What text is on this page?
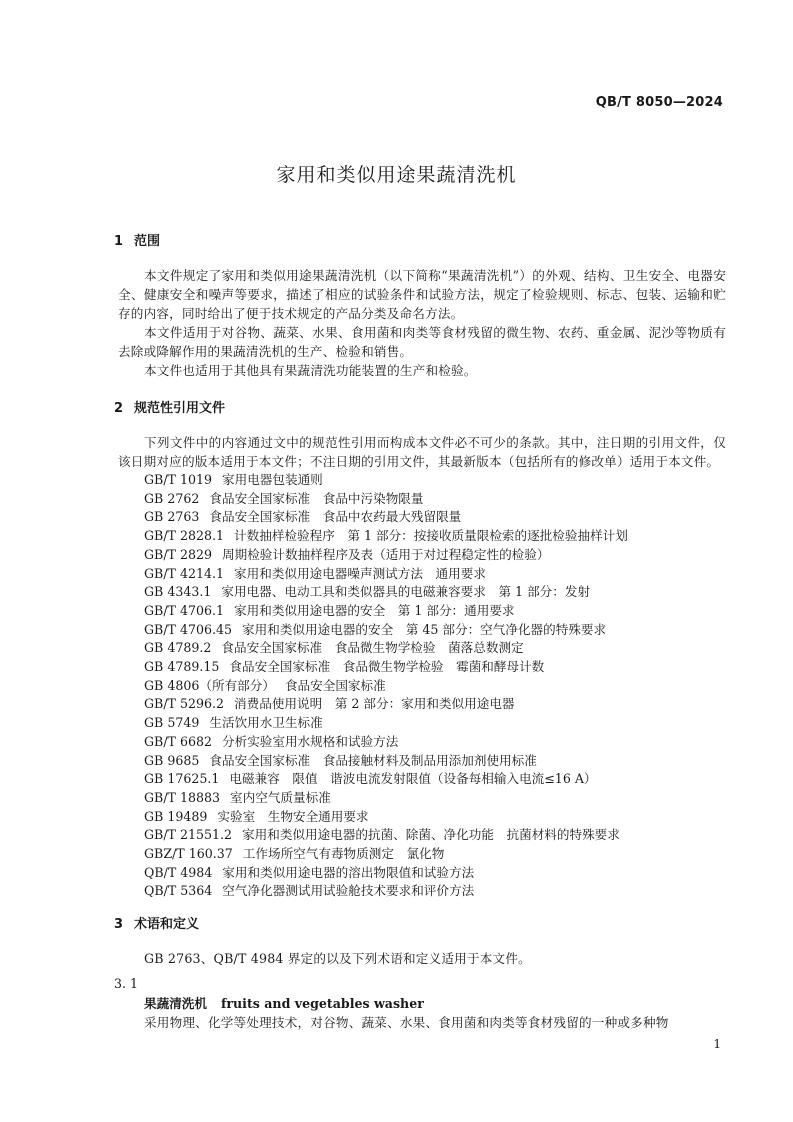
QB/T 8050—2024
家用和类似用途果蔬清洗机
1 范围

本文件规定了家用和类似用途果蔬清洗机（以下简称“果蔬清洗机”）的外观、结构、卫生安全、电器安全、健康安全和噪声等要求，描述了相应的试验条件和试验方法，规定了检验规则、标志、包装、运输和贮存的内容，同时给出了便于技术规定的产品分类及命名方法。

本文件适用于对谷物、蔬菜、水果、食用菌和肉类等食材残留的微生物、农药、重金属、泥沙等物质有去除或降解作用的果蔬清洗机的生产、检验和销售。

本文件也适用于其他具有果蔬清洗功能装置的生产和检验。

2 规范性引用文件

下列文件中的内容通过文中的规范性引用而构成本文件必不可少的条款。其中，注日期的引用文件，仅该日期对应的版本适用于本文件；不注日期的引用文件，其最新版本（包括所有的修改单）适用于本文件。

GB/T 1019 家用电器包装通则
GB 2762 食品安全国家标准　食品中污染物限量
GB 2763 食品安全国家标准　食品中农药最大残留限量
GB/T 2828.1 计数抽样检验程序　第 1 部分：按接收质量限检索的逐批检验抽样计划
GB/T 2829 周期检验计数抽样程序及表（适用于对过程稳定性的检验）
GB/T 4214.1 家用和类似用途电器噪声测试方法　通用要求
GB 4343.1 家用电器、电动工具和类似器具的电磁兼容要求　第 1 部分：发射
GB/T 4706.1 家用和类似用途电器的安全　第 1 部分：通用要求
GB/T 4706.45 家用和类似用途电器的安全　第 45 部分：空气净化器的特殊要求
GB 4789.2 食品安全国家标准　食品微生物学检验　菌落总数测定
GB 4789.15 食品安全国家标准　食品微生物学检验　霉菌和酵母计数
GB 4806（所有部分） 食品安全国家标准
GB/T 5296.2 消费品使用说明　第 2 部分：家用和类似用途电器
GB 5749 生活饮用水卫生标准
GB/T 6682 分析实验室用水规格和试验方法
GB 9685 食品安全国家标准　食品接触材料及制品用添加剂使用标准
GB 17625.1 电磁兼容　限值　谐波电流发射限值（设备每相输入电流≤16 A）
GB/T 18883 室内空气质量标准
GB 19489 实验室　生物安全通用要求
GB/T 21551.2 家用和类似用途电器的抗菌、除菌、净化功能　抗菌材料的特殊要求
GBZ/T 160.37 工作场所空气有毒物质测定　氯化物
QB/T 4984 家用和类似用途电器的溶出物限值和试验方法
QB/T 5364 空气净化器测试用试验舱技术要求和评价方法
3 术语和定义

GB 2763、QB/T 4984 界定的以及下列术语和定义适用于本文件。

3. 1
果蔬清洗机 fruits and vegetables washer

采用物理、化学等处理技术，对谷物、蔬菜、水果、食用菌和肉类等食材残留的一种或多种物

1
